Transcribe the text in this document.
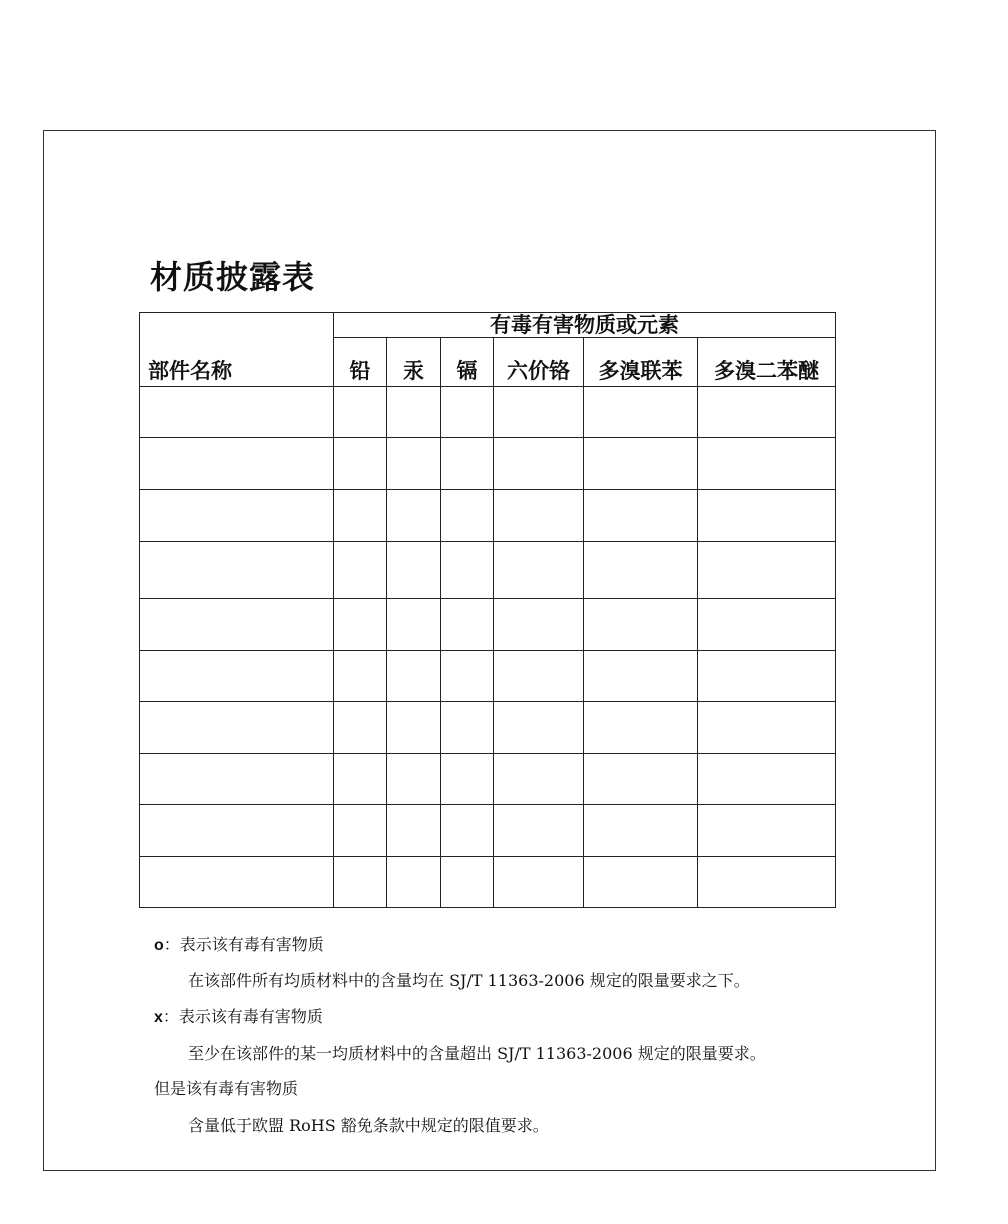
材质披露表
部件名称	有毒有害物质或元素					
	铅	汞	镉	六价铬	多溴联苯	多溴二苯醚

o：表示该有毒有害物质
在该部件所有均质材料中的含量均在 SJ/T 11363-2006 规定的限量要求之下。
x：表示该有毒有害物质
至少在该部件的某一均质材料中的含量超出 SJ/T 11363-2006 规定的限量要求。
但是该有毒有害物质
含量低于欧盟 RoHS 豁免条款中规定的限值要求。
